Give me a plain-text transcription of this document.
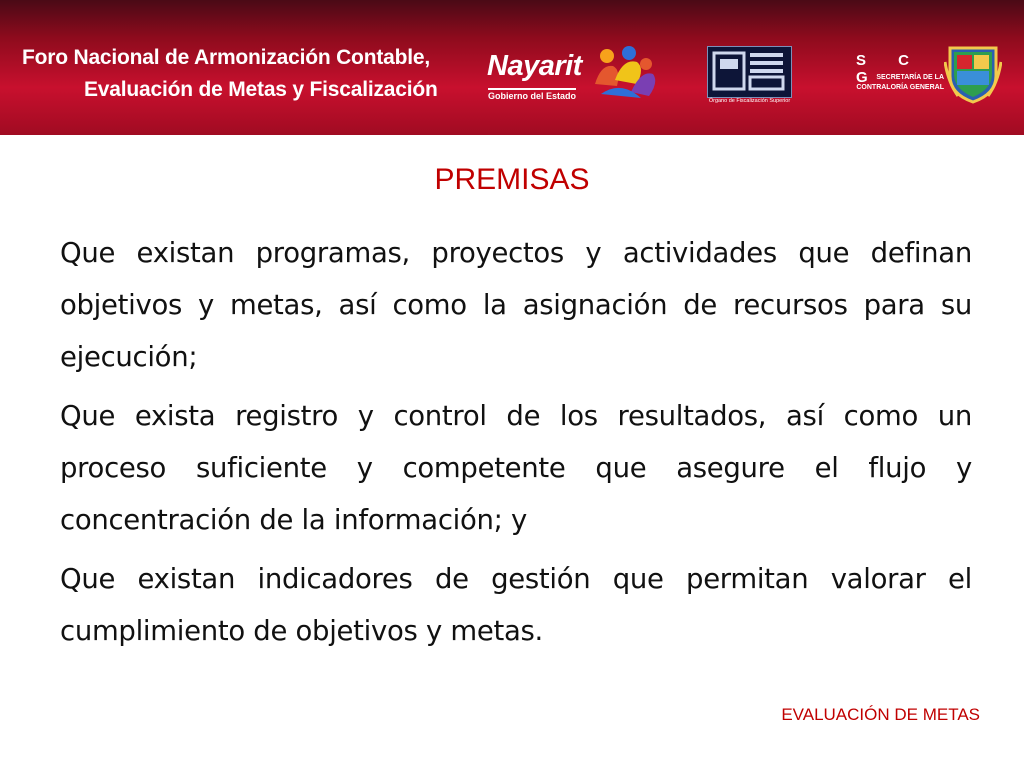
Foro Nacional de Armonización Contable,
Evaluación de Metas y Fiscalización
Nayarit
Gobierno del Estado	Órgano de Fiscalización Superior
S C G
SECRETARÍA DE LA
CONTRALORÍA GENERAL
PREMISAS

Que existan programas, proyectos y actividades que definan objetivos y metas, así como la asignación de recursos para su ejecución;

Que exista registro y control de los resultados, así como un proceso suficiente y competente que asegure el flujo y concentración de la información; y

Que existan indicadores de gestión que permitan valorar el cumplimiento de objetivos y metas.

EVALUACIÓN DE METAS
